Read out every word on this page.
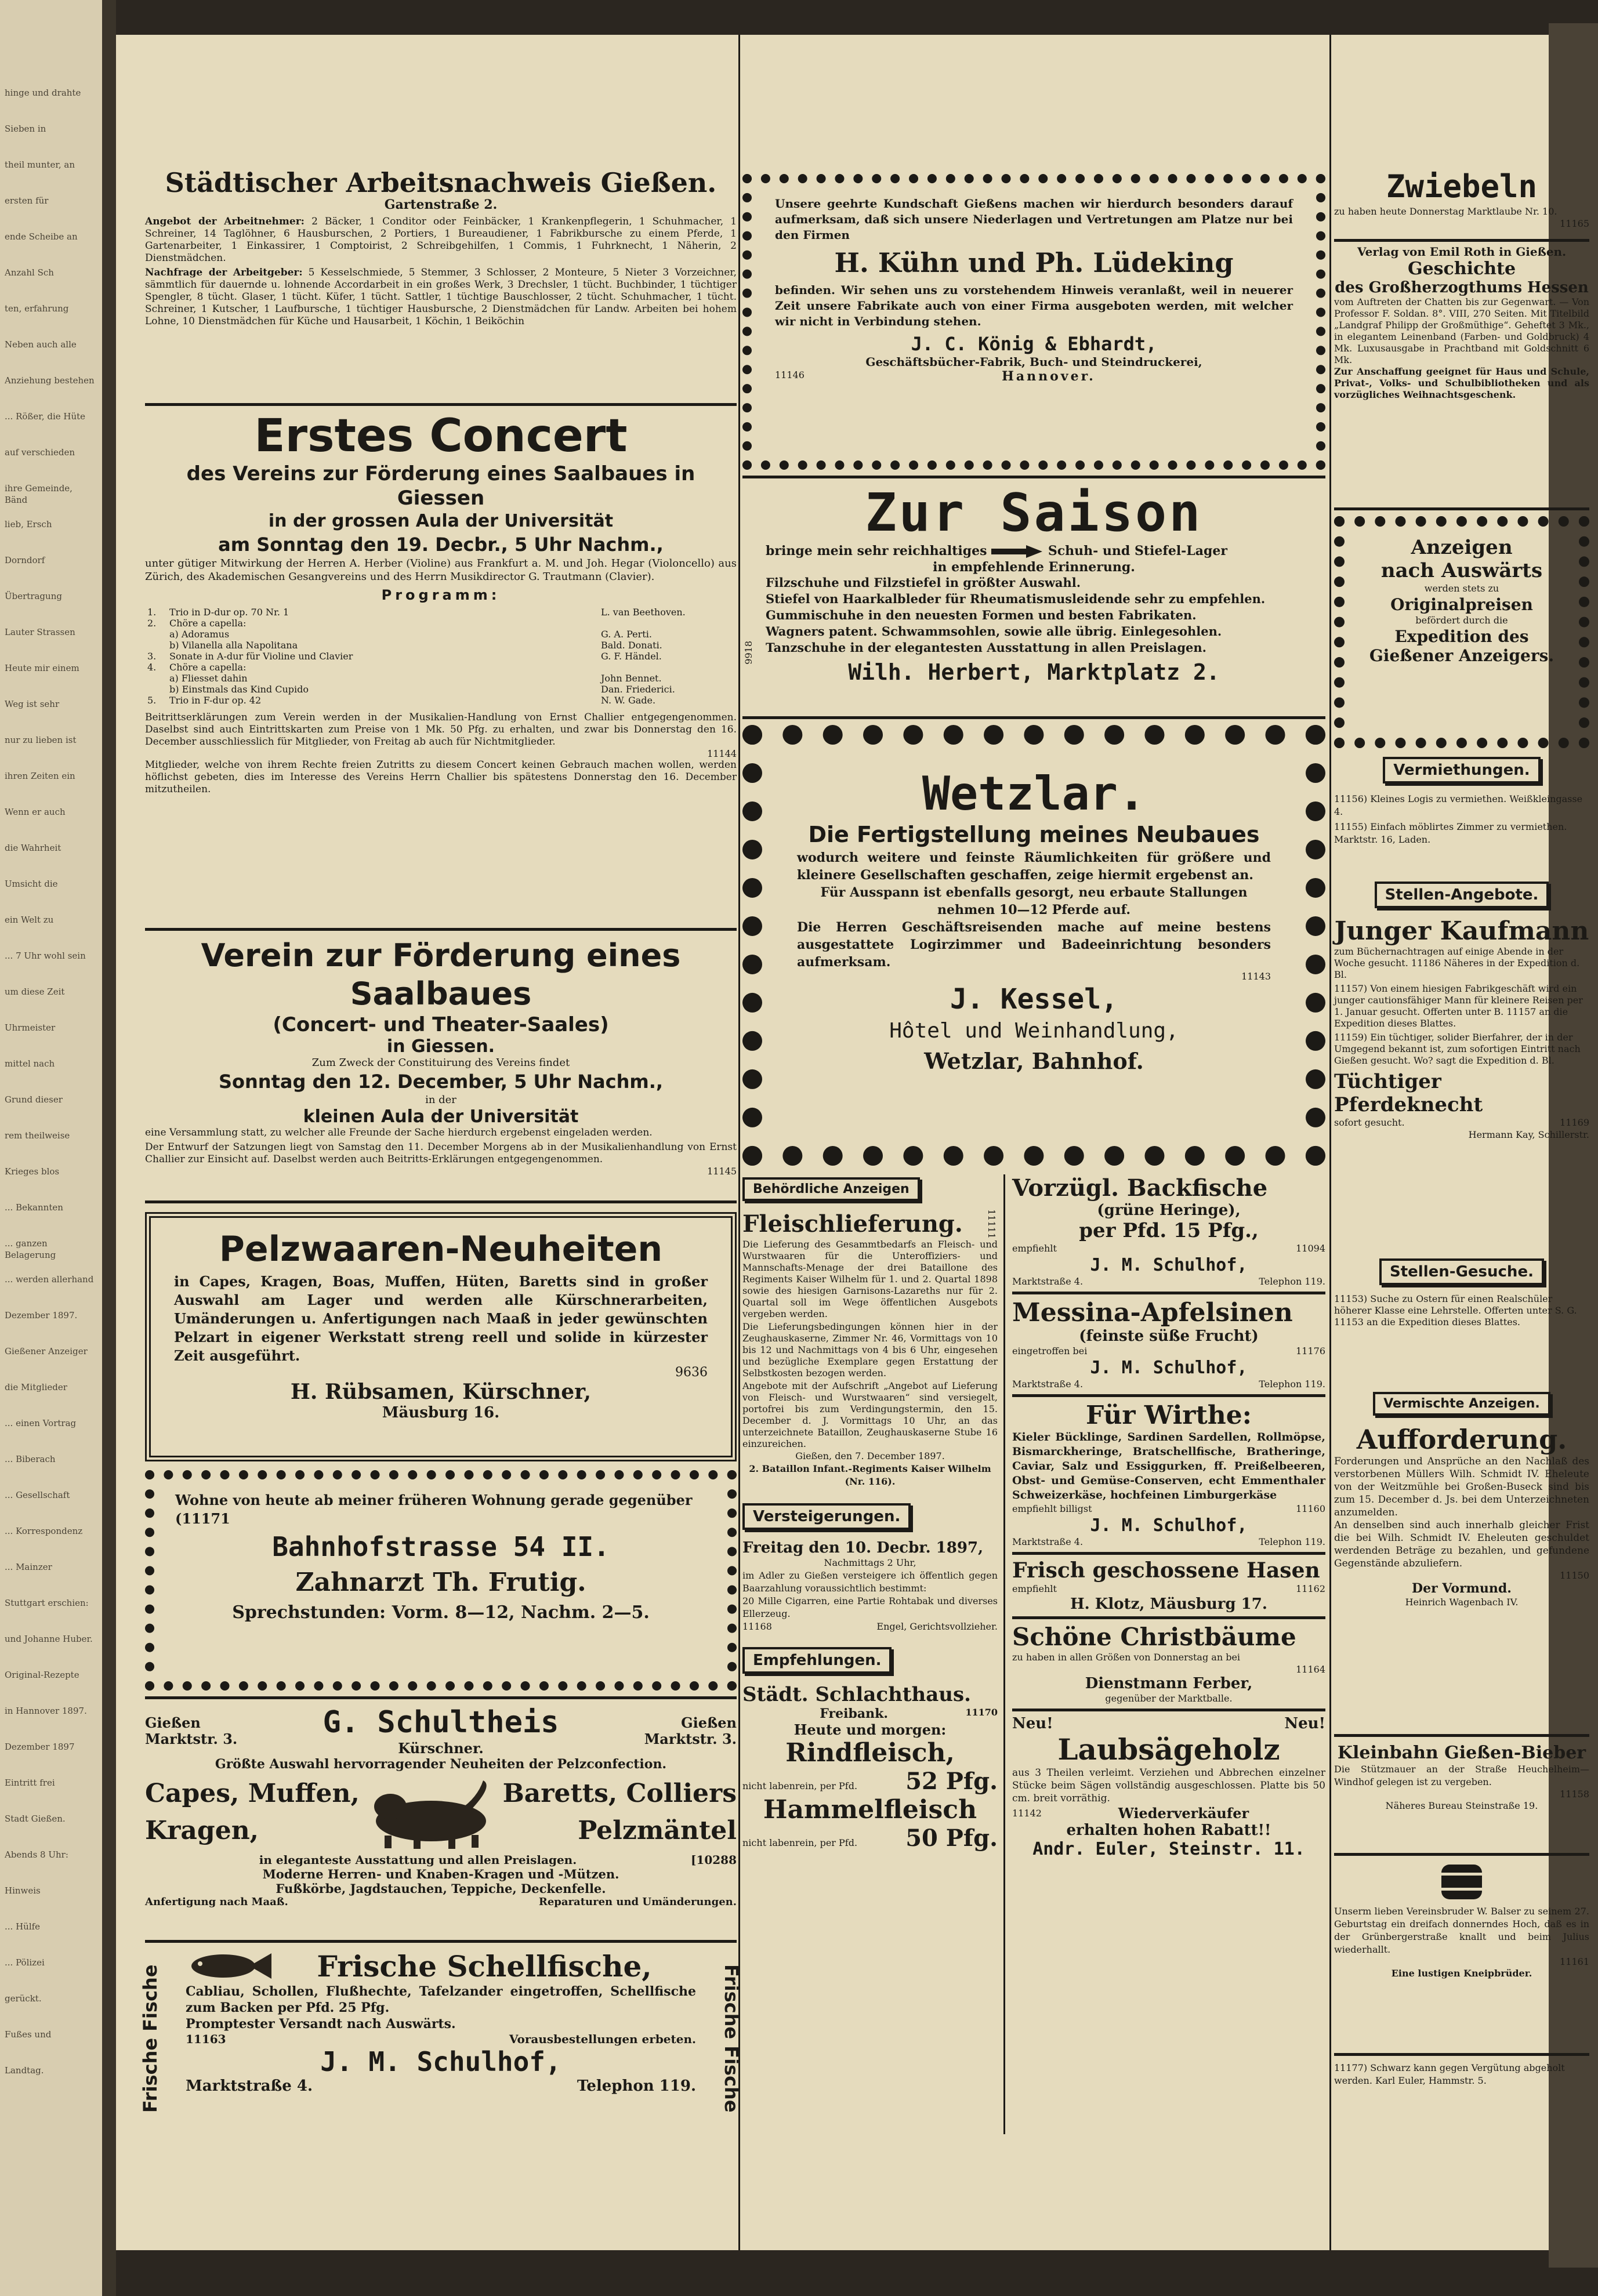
hinge und drahte
Sieben in
theil munter, an
ersten für
ende Scheibe an
Anzahl Sch
ten, erfahrung
Neben auch alle
Anziehung bestehen
... Rößer, die Hüte
auf verschieden
ihre Gemeinde, Bänd
lieb, Ersch
Dorndorf
Übertragung
Lauter Strassen
Heute mir einem
Weg ist sehr
nur zu lieben ist
ihren Zeiten ein
Wenn er auch
die Wahrheit
Umsicht die
ein Welt zu
... 7 Uhr wohl sein
um diese Zeit
Uhrmeister
mittel nach
Grund dieser
rem theilweise
Krieges blos
... Bekannten
... ganzen Belagerung
... werden allerhand
Dezember 1897.
Gießener Anzeiger
die Mitglieder
... einen Vortrag
... Biberach
... Gesellschaft
... Korrespondenz
... Mainzer
Stuttgart erschien:
und Johanne Huber.
Original-Rezepte
in Hannover 1897.
Dezember 1897
Eintritt frei
Stadt Gießen.
Abends 8 Uhr:
Hinweis
... Hülfe
... Pölizei
gerückt.
Fußes und
Landtag.
Städtischer Arbeitsnachweis Gießen.
Gartenstraße 2.
Angebot der Arbeitnehmer: 2 Bäcker, 1 Conditor oder Feinbäcker, 1 Krankenpflegerin, 1 Schuhmacher, 1 Schreiner, 14 Taglöhner, 6 Hausburschen, 2 Portiers, 1 Bureaudiener, 1 Fabrikbursche zu einem Pferde, 1 Gartenarbeiter, 1 Einkassirer, 1 Comptoirist, 2 Schreibgehilfen, 1 Commis, 1 Fuhrknecht, 1 Näherin, 2 Dienstmädchen.
Nachfrage der Arbeitgeber: 5 Kesselschmiede, 5 Stemmer, 3 Schlosser, 2 Monteure, 5 Nieter 3 Vorzeichner, sämmtlich für dauernde u. lohnende Accordarbeit in ein großes Werk, 3 Drechsler, 1 tücht. Buchbinder, 1 tüchtiger Spengler, 8 tücht. Glaser, 1 tücht. Küfer, 1 tücht. Sattler, 1 tüchtige Bauschlosser, 2 tücht. Schuhmacher, 1 tücht. Schreiner, 1 Kutscher, 1 Laufbursche, 1 tüchtiger Hausbursche, 2 Dienstmädchen für Landw. Arbeiten bei hohem Lohne, 10 Dienstmädchen für Küche und Hausarbeit, 1 Köchin, 1 Beiköchin
Erstes Concert
des Vereins zur Förderung eines Saalbaues in Giessen
in der grossen Aula der Universität
am Sonntag den 19. Decbr., 5 Uhr Nachm.,
unter gütiger Mitwirkung der Herren A. Herber (Violine) aus Frankfurt a. M. und Joh. Hegar (Violoncello) aus Zürich, des Akademischen Gesangvereins und des Herrn Musikdirector G. Trautmann (Clavier).
Programm:
1.	Trio in D-dur op. 70 Nr. 1	L. van Beethoven.
2.	Chöre a capella:	
	a) Adoramus	G. A. Perti.
	b) Vilanella alla Napolitana	Bald. Donati.
3.	Sonate in A-dur für Violine und Clavier	G. F. Händel.
4.	Chöre a capella:	
	a) Fliesset dahin	John Bennet.
	b) Einstmals das Kind Cupido	Dan. Friederici.
5.	Trio in F-dur op. 42	N. W. Gade.
Beitrittserklärungen zum Verein werden in der Musikalien-Handlung von Ernst Challier entgegengenommen. Daselbst sind auch Eintrittskarten zum Preise von 1 Mk. 50 Pfg. zu erhalten, und zwar bis Donnerstag den 16. December ausschliesslich für Mitglieder, von Freitag ab auch für Nichtmitglieder.
11144
Mitglieder, welche von ihrem Rechte freien Zutritts zu diesem Concert keinen Gebrauch machen wollen, werden höflichst gebeten, dies im Interesse des Vereins Herrn Challier bis spätestens Donnerstag den 16. December mitzutheilen.
Verein zur Förderung eines Saalbaues
(Concert- und Theater-Saales)
in Giessen.
Zum Zweck der Constituirung des Vereins findet
Sonntag den 12. December, 5 Uhr Nachm.,
in der
kleinen Aula der Universität
eine Versammlung statt, zu welcher alle Freunde der Sache hierdurch ergebenst eingeladen werden.
Der Entwurf der Satzungen liegt von Samstag den 11. December Morgens ab in der Musikalienhandlung von Ernst Challier zur Einsicht auf. Daselbst werden auch Beitritts-Erklärungen entgegengenommen.
11145
Pelzwaaren-Neuheiten
in Capes, Kragen, Boas, Muffen, Hüten, Baretts sind in großer Auswahl am Lager und werden alle Kürschnerarbeiten, Umänderungen u. Anfertigungen nach Maaß in jeder gewünschten Pelzart in eigener Werkstatt streng reell und solide in kürzester Zeit ausgeführt.
9636
H. Rübsamen, Kürschner,
Mäusburg 16.
Wohne von heute ab meiner früheren Wohnung gerade gegenüber (11171
Bahnhofstrasse 54 II.
Zahnarzt Th. Frutig.
Sprechstunden: Vorm. 8—12, Nachm. 2—5.
Gießen
Marktstr. 3.	G. Schultheis
Kürschner.
Gießen
Marktstr. 3.
Größte Auswahl hervorragender Neuheiten der Pelzconfection.
Capes, Muffen,
Kragen,
Baretts, Colliers
Pelzmäntel
in eleganteste Ausstattung und allen Preislagen.	[10288
Moderne Herren- und Knaben-Kragen und -Mützen.
Fußkörbe, Jagdstauchen, Teppiche, Deckenfelle.
Anfertigung nach Maaß.	Reparaturen und Umänderungen.
Frische Fische	Frische Fische
Frische Schellfische,
Cabliau, Schollen, Flußhechte, Tafelzander eingetroffen, Schellfische zum Backen per Pfd. 25 Pfg.
Promptester Versandt nach Auswärts.
11163	Vorausbestellungen erbeten.
J. M. Schulhof,
Marktstraße 4.	Telephon 119.
Unsere geehrte Kundschaft Gießens machen wir hierdurch besonders darauf aufmerksam, daß sich unsere Niederlagen und Vertretungen am Platze nur bei den Firmen
H. Kühn und Ph. Lüdeking
befinden. Wir sehen uns zu vorstehendem Hinweis veranlaßt, weil in neuerer Zeit unsere Fabrikate auch von einer Firma ausgeboten werden, mit welcher wir nicht in Verbindung stehen.
J. C. König & Ebhardt,
Geschäftsbücher-Fabrik, Buch- und Steindruckerei,
11146	Hannover.
Zur Saison
bringe mein sehr reichhaltiges	Schuh- und Stiefel-Lager
in empfehlende Erinnerung.
Filzschuhe und Filzstiefel in größter Auswahl.
Stiefel von Haarkalbleder für Rheumatismusleidende sehr zu empfehlen.
Gummischuhe in den neuesten Formen und besten Fabrikaten.
Wagners patent. Schwammsohlen, sowie alle übrig. Einlegesohlen.
Tanzschuhe in der elegantesten Ausstattung in allen Preislagen.
9918
Wilh. Herbert, Marktplatz 2.
Wetzlar.
Die Fertigstellung meines Neubaues
wodurch weitere und feinste Räumlichkeiten für größere und kleinere Gesellschaften geschaffen, zeige hiermit ergebenst an.
Für Ausspann ist ebenfalls gesorgt, neu erbaute Stallungen nehmen 10—12 Pferde auf.
Die Herren Geschäftsreisenden mache auf meine bestens ausgestattete Logirzimmer und Badeeinrichtung besonders aufmerksam.
11143
J. Kessel,
Hôtel und Weinhandlung,
Wetzlar, Bahnhof.
Behördliche Anzeigen
Fleischlieferung.	11111
Die Lieferung des Gesammtbedarfs an Fleisch- und Wurstwaaren für die Unteroffiziers- und Mannschafts-Menage der drei Bataillone des Regiments Kaiser Wilhelm für 1. und 2. Quartal 1898 sowie des hiesigen Garnisons-Lazareths nur für 2. Quartal soll im Wege öffentlichen Ausgebots vergeben werden.
Die Lieferungsbedingungen können hier in der Zeughauskaserne, Zimmer Nr. 46, Vormittags von 10 bis 12 und Nachmittags von 4 bis 6 Uhr, eingesehen und bezügliche Exemplare gegen Erstattung der Selbstkosten bezogen werden.
Angebote mit der Aufschrift „Angebot auf Lieferung von Fleisch- und Wurstwaaren“ sind versiegelt, portofrei bis zum Verdingungstermin, den 15. December d. J. Vormittags 10 Uhr, an das unterzeichnete Bataillon, Zeughauskaserne Stube 16 einzureichen.
Gießen, den 7. December 1897.
2. Bataillon Infant.-Regiments Kaiser Wilhelm (Nr. 116).
Versteigerungen.
Freitag den 10. Decbr. 1897,
Nachmittags 2 Uhr,
im Adler zu Gießen versteigere ich öffentlich gegen Baarzahlung voraussichtlich bestimmt:
20 Mille Cigarren, eine Partie Rohtabak und diverses Ellerzeug.
11168	Engel, Gerichtsvollzieher.
Empfehlungen.
Städt. Schlachthaus.
Freibank.	11170
Heute und morgen:
Rindfleisch,
nicht labenrein, per Pfd. 52 Pfg.
Hammelfleisch
nicht labenrein, per Pfd. 50 Pfg.
Vorzügl. Backfische
(grüne Heringe),
per Pfd. 15 Pfg.,
empfiehlt	11094
J. M. Schulhof,
Marktstraße 4.	Telephon 119.
Messina-Apfelsinen
(feinste süße Frucht)
eingetroffen bei	11176
J. M. Schulhof,
Marktstraße 4.	Telephon 119.
Für Wirthe:
Kieler Bücklinge, Sardinen Sardellen, Rollmöpse, Bismarckheringe, Bratschellfische, Bratheringe, Caviar, Salz und Essiggurken, ff. Preißelbeeren, Obst- und Gemüse-Conserven, echt Emmenthaler Schweizerkäse, hochfeinen Limburgerkäse
empfiehlt billigst	11160
J. M. Schulhof,
Marktstraße 4.	Telephon 119.
Frisch geschossene Hasen
empfiehlt	11162
H. Klotz, Mäusburg 17.
Schöne Christbäume
zu haben in allen Größen von Donnerstag an bei
11164
Dienstmann Ferber,
gegenüber der Marktballe.
Neu!	Neu!
Laubsägeholz
aus 3 Theilen verleimt. Verziehen und Abbrechen einzelner Stücke beim Sägen vollständig ausgeschlossen. Platte bis 50 cm. breit vorräthig.
11142	Wiederverkäufer
erhalten hohen Rabatt!!
Andr. Euler, Steinstr. 11.
Zwiebeln
zu haben heute Donnerstag Marktlaube Nr. 10.
11165
Verlag von Emil Roth in Gießen.
Geschichte
des Großherzogthums Hessen
vom Auftreten der Chatten bis zur Gegenwart. — Von Professor F. Soldan. 8°. VIII, 270 Seiten. Mit Titelbild „Landgraf Philipp der Großmüthige“. Geheftet 3 Mk., in elegantem Leinenband (Farben- und Goldbruck) 4 Mk. Luxusausgabe in Prachtband mit Goldschnitt 6 Mk.
Zur Anschaffung geeignet für Haus und Schule, Privat-, Volks- und Schulbibliotheken und als vorzügliches Weihnachtsgeschenk.
Anzeigen
nach Auswärts
werden stets zu
Originalpreisen
befördert durch die
Expedition des
Gießener Anzeigers.
Vermiethungen.
11156) Kleines Logis zu vermiethen. Weißkleingasse 4.
11155) Einfach möblirtes Zimmer zu vermiethen. Marktstr. 16, Laden.
Stellen-Angebote.
Junger Kaufmann
zum Büchernachtragen auf einige Abende in der Woche gesucht. 11186 Näheres in der Expedition d. Bl.
11157) Von einem hiesigen Fabrikgeschäft wird ein junger cautionsfähiger Mann für kleinere Reisen per 1. Januar gesucht. Offerten unter B. 11157 an die Expedition dieses Blattes.
11159) Ein tüchtiger, solider Bierfahrer, der in der Umgegend bekannt ist, zum sofortigen Eintritt nach Gießen gesucht. Wo? sagt die Expedition d. Bl.
Tüchtiger Pferdeknecht
sofort gesucht.	11169
Hermann Kay, Schillerstr.
Stellen-Gesuche.
11153) Suche zu Ostern für einen Realschüler höherer Klasse eine Lehrstelle. Offerten unter S. G. 11153 an die Expedition dieses Blattes.
Vermischte Anzeigen.
Aufforderung.
Forderungen und Ansprüche an den Nachlaß des verstorbenen Müllers Wilh. Schmidt IV. Eheleute von der Weitzmühle bei Großen-Buseck sind bis zum 15. December d. Js. bei dem Unterzeichneten anzumelden.
An denselben sind auch innerhalb gleicher Frist die bei Wilh. Schmidt IV. Eheleuten geschuldet werdenden Beträge zu bezahlen, und gefundene Gegenstände abzuliefern.
11150
Der Vormund.
Heinrich Wagenbach IV.
Kleinbahn Gießen-Bieber
Die Stützmauer an der Straße Heuchelheim—Windhof gelegen ist zu vergeben.
11158
Näheres Bureau Steinstraße 19.
Unserm lieben Vereinsbruder W. Balser zu seinem 27. Geburtstag ein dreifach donnerndes Hoch, daß es in der Grünbergerstraße knallt und beim Julius wiederhallt.
11161
Eine lustigen Kneipbrüder.
11177) Schwarz kann gegen Vergütung abgeholt werden. Karl Euler, Hammstr. 5.
